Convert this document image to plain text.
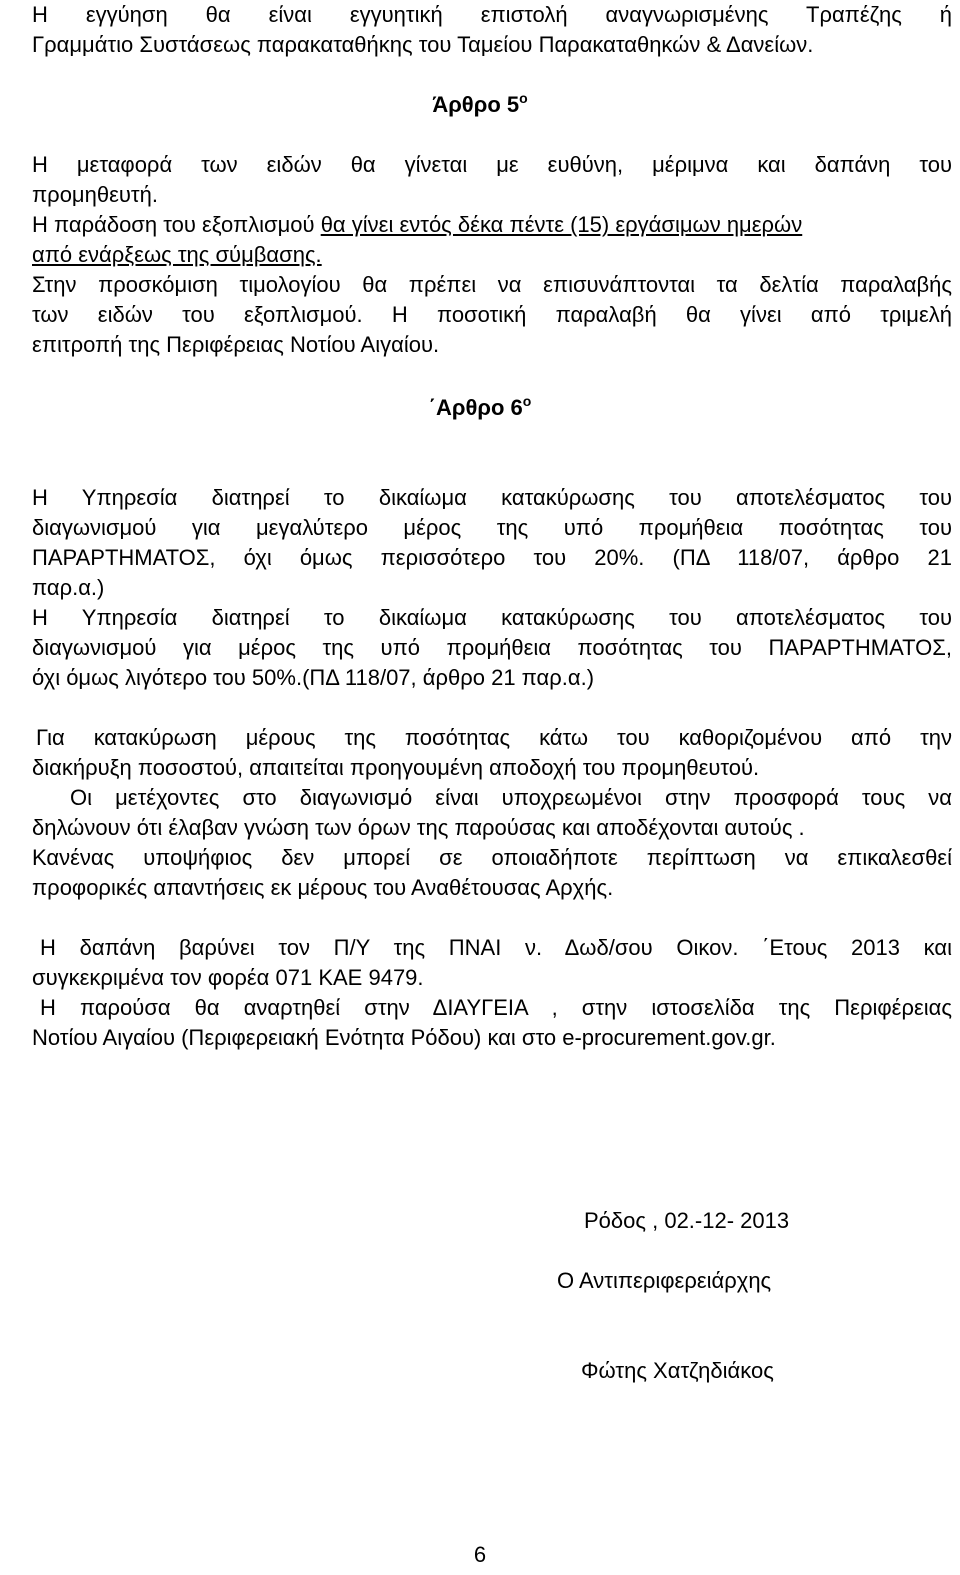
Η εγγύηση θα είναι εγγυητική επιστολή αναγνωρισμένης Τραπέζης ή
Γραμμάτιο Συστάσεως παρακαταθήκης του Ταμείου Παρακαταθηκών & Δανείων.
Άρθρο $5^o$
Η μεταφορά των ειδών θα γίνεται με ευθύνη, μέριμνα και δαπάνη του
προμηθευτή.
Η παράδοση του εξοπλισμού θα γίνει εντός δέκα πέντε (15) εργάσιμων ημερών
από ενάρξεως της σύμβασης.
Στην προσκόμιση τιμολογίου θα πρέπει να επισυνάπτονται τα δελτία παραλαβής
των ειδών του εξοπλισμού. Η ποσοτική παραλαβή θα γίνει από τριμελή
επιτροπή της Περιφέρειας Νοτίου Αιγαίου.
΄Αρθρο $6^o$
Η Υπηρεσία διατηρεί το δικαίωμα κατακύρωσης του αποτελέσματος του
διαγωνισμού για μεγαλύτερο μέρος της υπό προμήθεια ποσότητας του
ΠΑΡΑΡΤΗΜΑΤΟΣ, όχι όμως περισσότερο του 20%. (ΠΔ 118/07, άρθρο 21
παρ.α.)
Η Υπηρεσία διατηρεί το δικαίωμα κατακύρωσης του αποτελέσματος του
διαγωνισμού για μέρος της υπό προμήθεια ποσότητας του ΠΑΡΑΡΤΗΜΑΤΟΣ,
όχι όμως λιγότερο του 50%.(ΠΔ 118/07, άρθρο 21 παρ.α.)
Για κατακύρωση μέρους της ποσότητας κάτω του καθοριζομένου από την
διακήρυξη ποσοστού, απαιτείται προηγουμένη αποδοχή του προμηθευτού.
Οι μετέχοντες στο διαγωνισμό είναι υποχρεωμένοι στην προσφορά τους να
δηλώνουν ότι έλαβαν γνώση των όρων της παρούσας και αποδέχονται αυτούς .
Κανένας υποψήφιος δεν μπορεί σε οποιαδήποτε περίπτωση να επικαλεσθεί
προφορικές απαντήσεις εκ μέρους του Αναθέτουσας Αρχής.
Η δαπάνη βαρύνει τον Π/Υ της ΠΝΑΙ ν. Δωδ/σου Οικον. ΄Ετους 2013 και
συγκεκριμένα τον φορέα 071 ΚΑΕ 9479.
Η παρούσα θα αναρτηθεί στην ΔΙΑΥΓΕΙΑ , στην ιστοσελίδα της Περιφέρειας
Νοτίου Αιγαίου (Περιφερειακή Ενότητα Ρόδου) και στο e-procurement.gov.gr.
Ρόδος , 02.-12- 2013
Ο Αντιπεριφερειάρχης
Φώτης Χατζηδιάκος
6
